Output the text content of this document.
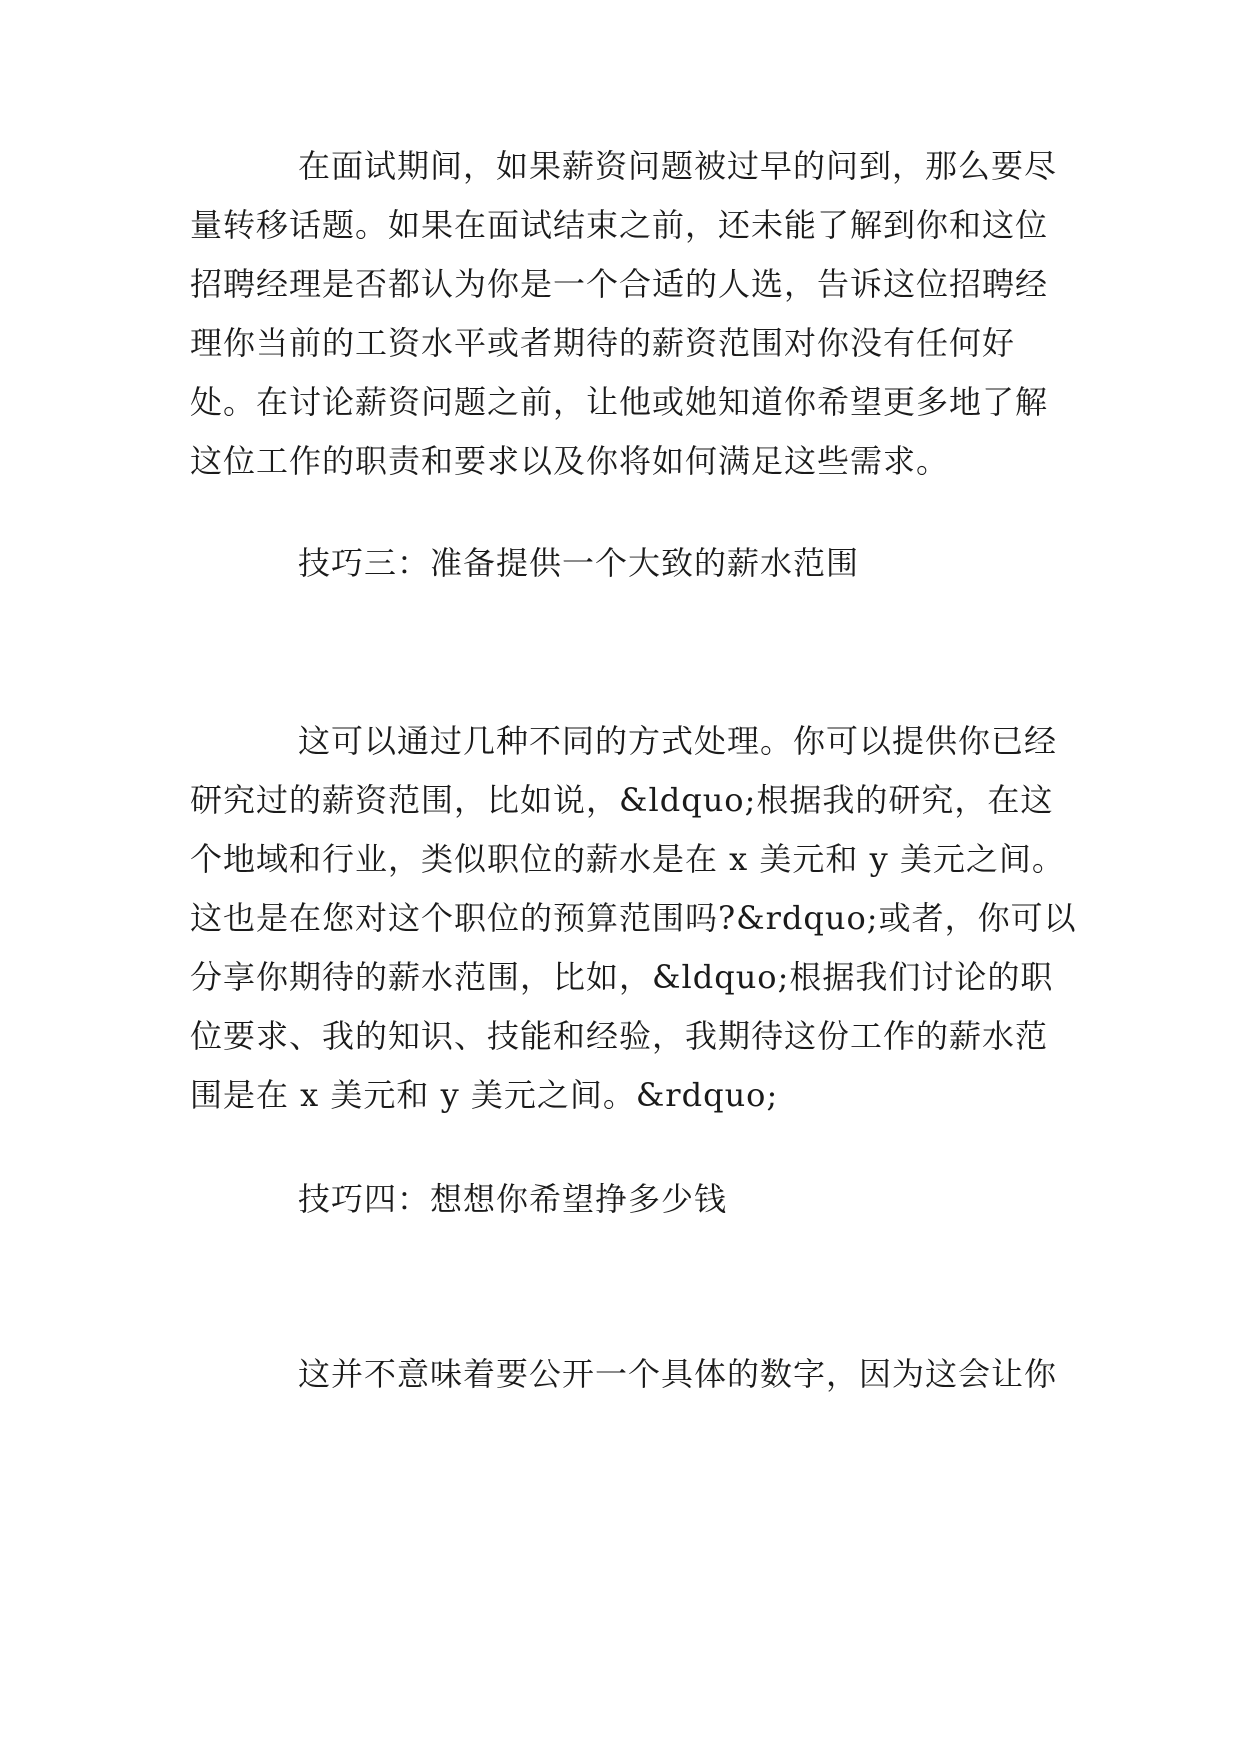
在面试期间，如果薪资问题被过早的问到，那么要尽
量转移话题。如果在面试结束之前，还未能了解到你和这位
招聘经理是否都认为你是一个合适的人选，告诉这位招聘经
理你当前的工资水平或者期待的薪资范围对你没有任何好
处。在讨论薪资问题之前，让他或她知道你希望更多地了解
这位工作的职责和要求以及你将如何满足这些需求。
技巧三：准备提供一个大致的薪水范围
这可以通过几种不同的方式处理。你可以提供你已经
研究过的薪资范围，比如说，&ldquo;根据我的研究，在这
个地域和行业，类似职位的薪水是在 x 美元和 y 美元之间。
这也是在您对这个职位的预算范围吗?&rdquo;或者，你可以
分享你期待的薪水范围，比如，&ldquo;根据我们讨论的职
位要求、我的知识、技能和经验，我期待这份工作的薪水范
围是在 x 美元和 y 美元之间。&rdquo;
技巧四：想想你希望挣多少钱
这并不意味着要公开一个具体的数字，因为这会让你
